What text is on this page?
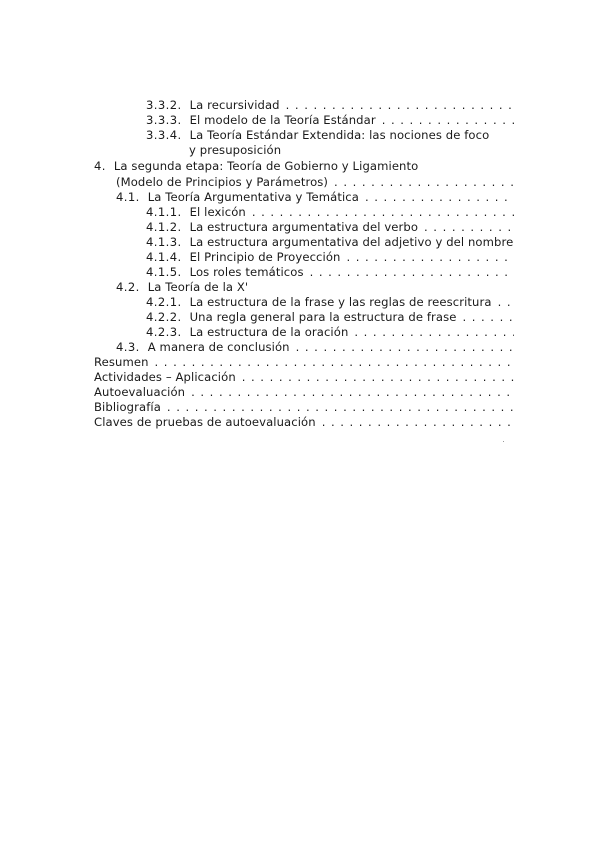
3.3.2. La recursividad
. . .
3.3.3. El modelo de la Teoría Estándar
. . .
3.3.4. La Teoría Estándar Extendida: las nociones de foco
y presuposición
4. La segunda etapa: Teoría de Gobierno y Ligamiento
(Modelo de Principios y Parámetros)
. . .
4.1. La Teoría Argumentativa y Temática
. . .
4.1.1. El lexicón
. . .
4.1.2. La estructura argumentativa del verbo
. . .
4.1.3. La estructura argumentativa del adjetivo y del nombre
4.1.4. El Principio de Proyección
. . .
4.1.5. Los roles temáticos
. . .
4.2. La Teoría de la X'
4.2.1. La estructura de la frase y las reglas de reescritura
. . .
4.2.2. Una regla general para la estructura de frase
. . .
4.2.3. La estructura de la oración
. . .
4.3. A manera de conclusión
. . .
Resumen
. . .
Actividades – Aplicación
. . .
Autoevaluación
. . .
Bibliografía
. . .
Claves de pruebas de autoevaluación
. . .
